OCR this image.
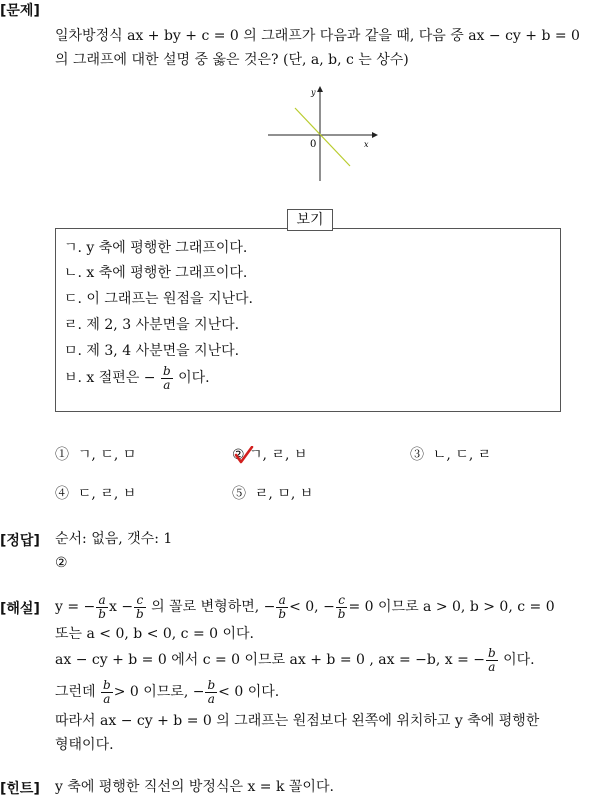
[문제]
일차방정식 ax + by + c = 0 의 그래프가 다음과 같을 때, 다음 중 ax − cy + b = 0
의 그래프에 대한 설명 중 옳은 것은? (단, a, b, c 는 상수)
y
x
0
보기
ㄱ. y 축에 평행한 그래프이다.
ㄴ. x 축에 평행한 그래프이다.
ㄷ. 이 그래프는 원점을 지난다.
ㄹ. 제 2, 3 사분면을 지난다.
ㅁ. 제 3, 4 사분면을 지난다.
ㅂ. x 절편은 − $\frac{b}{a}$ 이다.
① ㄱ, ㄷ, ㅁ	② ㄱ, ㄹ, ㅂ	③ ㄴ, ㄷ, ㄹ
④ ㄷ, ㄹ, ㅂ	⑤ ㄹ, ㅁ, ㅂ
[정답] 순서: 없음, 갯수: 1
②
[해설] y = − $\frac{a}{b}$ $x - \frac{c}{b}$ 의 꼴로 변형하면, − $\frac{a}{b} < 0$, − $\frac{c}{b} = 0$ 이므로 a > 0, b > 0, c = 0
또는 a < 0, b < 0, c = 0 이다.
ax − cy + b = 0 에서 c = 0 이므로 ax + b = 0 , ax = −b, x = − $\frac{b}{a}$ 이다.
그런데 $\frac{b}{a} > 0$ 이므로, − $\frac{b}{a} < 0$ 이다.
따라서 ax − cy + b = 0 의 그래프는 원점보다 왼쪽에 위치하고 y 축에 평행한
형태이다.
[힌트] y 축에 평행한 직선의 방정식은 x = k 꼴이다.
